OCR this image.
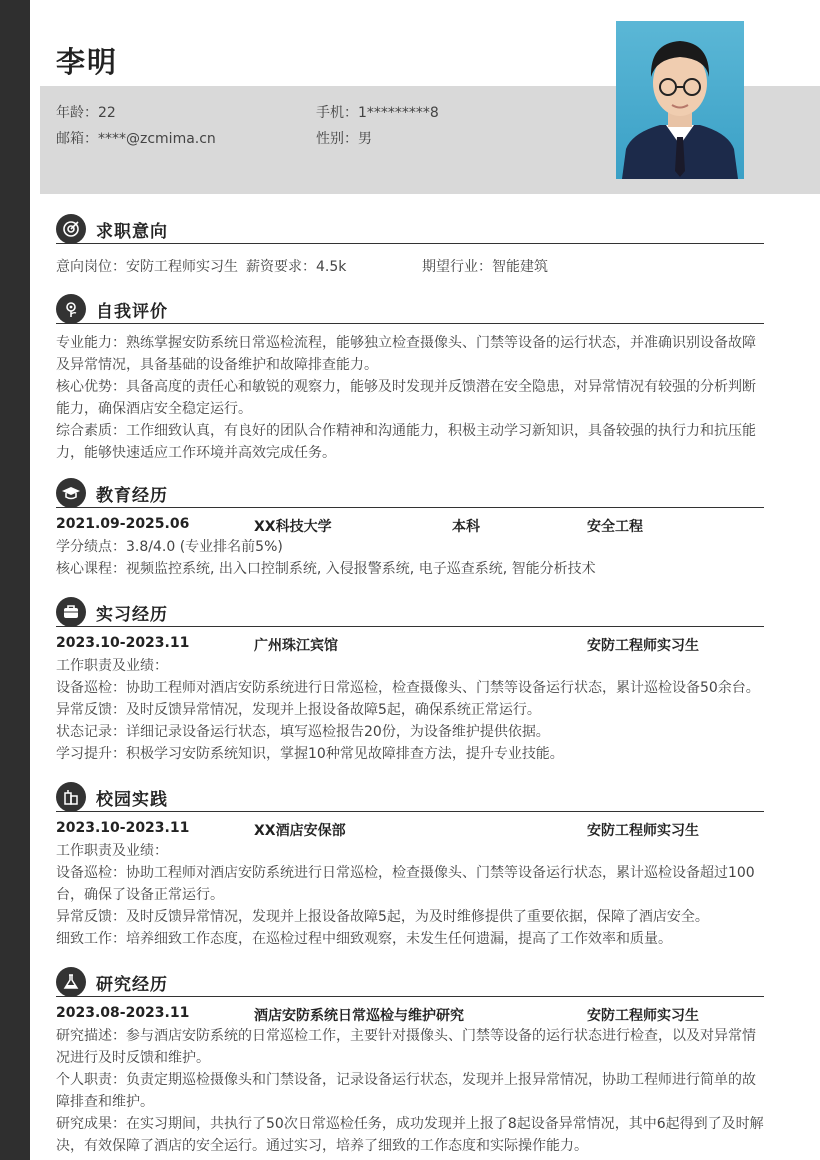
李明
年龄：22	手机：1*********8
邮箱：****@zcmima.cn	性别：男
求职意向
意向岗位：安防工程师实习生 薪资要求：4.5k	期望行业：智能建筑
自我评价
专业能力：熟练掌握安防系统日常巡检流程，能够独立检查摄像头、门禁等设备的运行状态，并准确识别设备故障及异常情况，具备基础的设备维护和故障排查能力。
核心优势：具备高度的责任心和敏锐的观察力，能够及时发现并反馈潜在安全隐患，对异常情况有较强的分析判断能力，确保酒店安全稳定运行。
综合素质：工作细致认真，有良好的团队合作精神和沟通能力，积极主动学习新知识，具备较强的执行力和抗压能力，能够快速适应工作环境并高效完成任务。
教育经历
2021.09-2025.06	XX科技大学	本科	安全工程
学分绩点：3.8/4.0 (专业排名前5%)
核心课程：视频监控系统, 出入口控制系统, 入侵报警系统, 电子巡查系统, 智能分析技术
实习经历
2023.10-2023.11	广州珠江宾馆	安防工程师实习生
工作职责及业绩：
设备巡检：协助工程师对酒店安防系统进行日常巡检，检查摄像头、门禁等设备运行状态，累计巡检设备50余台。
异常反馈：及时反馈异常情况，发现并上报设备故障5起，确保系统正常运行。
状态记录：详细记录设备运行状态，填写巡检报告20份，为设备维护提供依据。
学习提升：积极学习安防系统知识，掌握10种常见故障排查方法，提升专业技能。
校园实践
2023.10-2023.11	XX酒店安保部	安防工程师实习生
工作职责及业绩：
设备巡检：协助工程师对酒店安防系统进行日常巡检，检查摄像头、门禁等设备运行状态，累计巡检设备超过100台，确保了设备正常运行。
异常反馈：及时反馈异常情况，发现并上报设备故障5起，为及时维修提供了重要依据，保障了酒店安全。
细致工作：培养细致工作态度，在巡检过程中细致观察，未发生任何遗漏，提高了工作效率和质量。
研究经历
2023.08-2023.11	酒店安防系统日常巡检与维护研究	安防工程师实习生
研究描述：参与酒店安防系统的日常巡检工作，主要针对摄像头、门禁等设备的运行状态进行检查，以及对异常情况进行及时反馈和维护。
个人职责：负责定期巡检摄像头和门禁设备，记录设备运行状态，发现并上报异常情况，协助工程师进行简单的故障排查和维护。
研究成果：在实习期间，共执行了50次日常巡检任务，成功发现并上报了8起设备异常情况，其中6起得到了及时解决，有效保障了酒店的安全运行。通过实习，培养了细致的工作态度和实际操作能力。
